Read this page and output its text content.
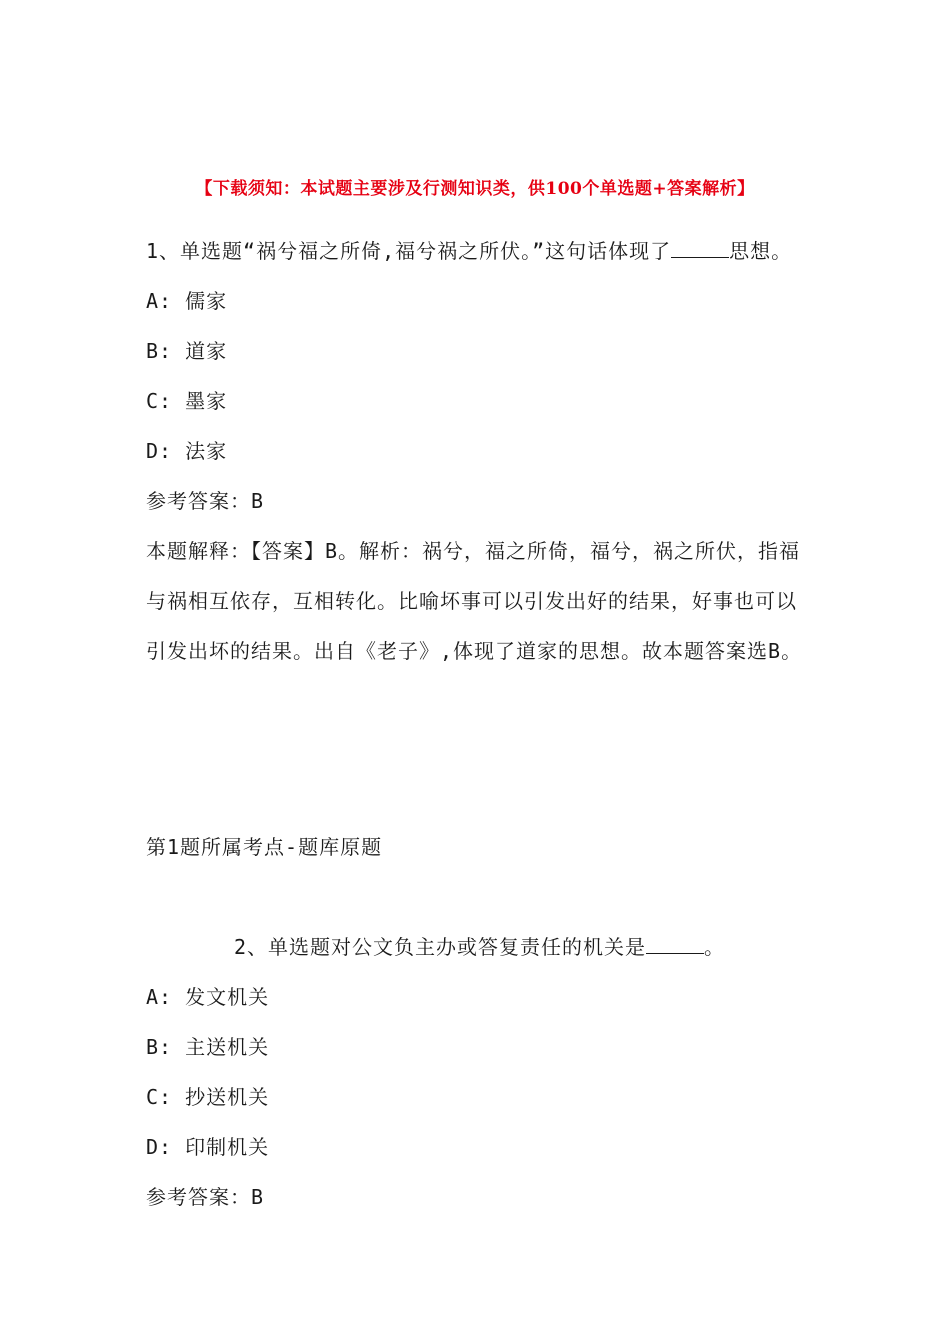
【下载须知：本试题主要涉及行测知识类，供100个单选题+答案解析】
1、单选题“祸兮福之所倚,福兮祸之所伏。”这句话体现了	思想。
A: 儒家
B: 道家
C: 墨家
D: 法家
参考答案：B
本题解释：【答案】B。解析：祸兮，福之所倚，福兮，祸之所伏，指福与祸相互依存，互相转化。比喻坏事可以引发出好的结果，好事也可以引发出坏的结果。出自《老子》,体现了道家的思想。故本题答案选B。
第1题所属考点-题库原题
2、单选题对公文负主办或答复责任的机关是	。
A: 发文机关
B: 主送机关
C: 抄送机关
D: 印制机关
参考答案：B
